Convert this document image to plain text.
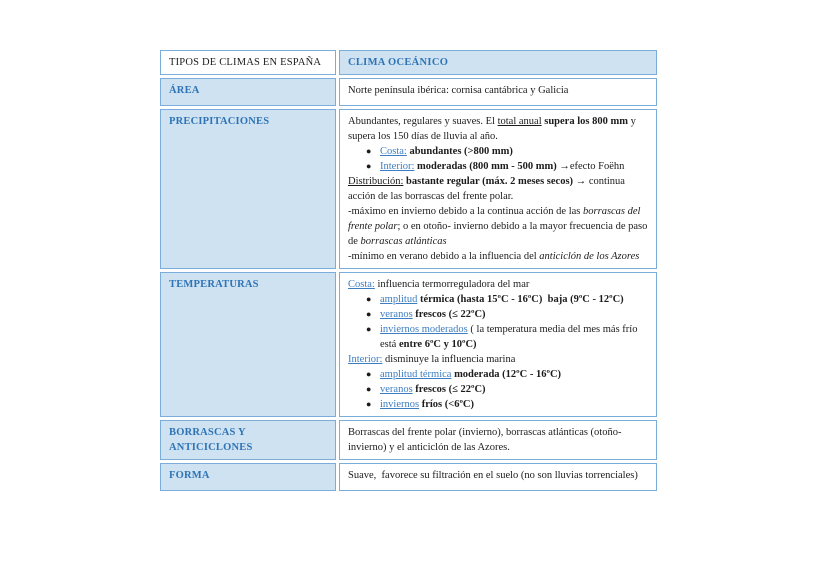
TIPOS DE CLIMAS EN ESPAÑA	CLIMA OCEÁNICO
ÁREA	Norte península ibérica: cornisa cantábrica y Galicia

PRECIPITACIONES	Abundantes, regulares y suaves. El total anual supera los 800 mm y supera los 150 días de lluvia al año.
● Costa: abundantes (>800 mm)
● Interior: moderadas (800 mm - 500 mm) →efecto Foëhn
Distribución: bastante regular (máx. 2 meses secos) → continua acción de las borrascas del frente polar.
-máximo en invierno debido a la continua acción de las borrascas del frente polar; o en otoño- invierno debido a la mayor frecuencia de paso de borrascas atlánticas
-mínimo en verano debido a la influencia del anticiclón de los Azores

TEMPERATURAS	Costa: influencia termorreguladora del mar
● amplitud térmica (hasta 15ºC - 16ºC)  baja (9ºC - 12ºC)
● veranos frescos (≤ 22ºC)
● inviernos moderados ( la temperatura media del mes más frío está entre 6ºC y 10ºC)
Interior: disminuye la influencia marina
● amplitud térmica moderada (12ºC - 16ºC)
● veranos frescos (≤ 22ºC)
● inviernos fríos (<6ºC)

BORRASCAS Y ANTICICLONES	Borrascas del frente polar (invierno), borrascas atlánticas (otoño-invierno) y el anticiclón de las Azores.

FORMA	Suave,  favorece su filtración en el suelo (no son lluvias torrenciales)
